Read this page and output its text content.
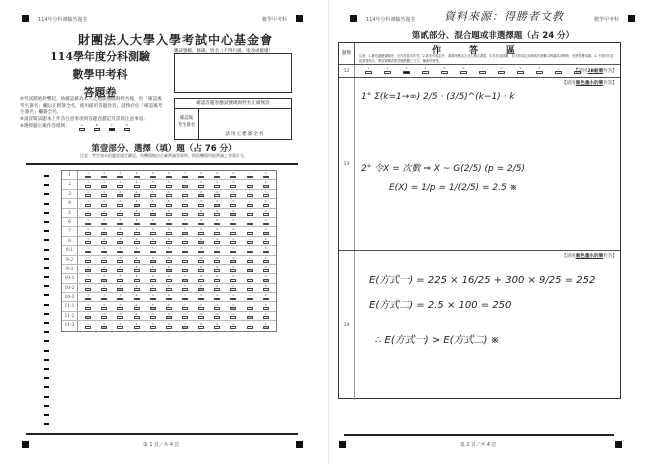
114年分科測驗答題卷	數學甲考科
財團法人大學入學考試中心基金會
114學年度分科測驗
數學甲考科
答題卷
應試號碼、條碼、姓名（不得污損、塗改或破壞）
※考試開始鈴響起，始確認確為本人之應試號碼與姓名後，於「確認後考生簽名」欄以正楷簽全名，使用備用答題卷者，請務必於「確認後考生簽名」欄簽全名。
※請詳閱試題本上作答注意事項與答題卷劃記及書寫注意事項。
※選擇題正確作答樣例：	A	B	C	D
確認答題卷應試號碼與姓名正確無誤
確認後
考生簽名
請用正楷簽全名
第壹部分、選擇（填）題（占 76 分）
注意：考生如未依題意規定劃記，致機器無法正確辨識答案時，則依機器所能辨識之答案計分。
1	1	2	3	4	5	6	7	8	9	0	−	±
2	1	2	3	4	5	6	7	8	9	0	−	±
3	1	2	3	4	5	6	7	8	9	0	−	±
4	1	2	3	4	5	6	7	8	9	0	−	±
5	1	2	3	4	5	6	7	8	9	0	−	±
6	1	2	3	4	5	6	7	8	9	0	−	±
7	1	2	3	4	5	6	7	8	9	0	−	±
8	1	2	3	4	5	6	7	8	9	0	−	±
9-1	1	2	3	4	5	6	7	8	9	0	−	±
9-2	1	2	3	4	5	6	7	8	9	0	−	±
9-3	1	2	3	4	5	6	7	8	9	0	−	±
10-1	1	2	3	4	5	6	7	8	9	0	−	±
10-2	1	2	3	4	5	6	7	8	9	0	−	±
10-3	1	2	3	4	5	6	7	8	9	0	−	±
11-1	1	2	3	4	5	6	7	8	9	0	−	±
11-2	1	2	3	4	5	6	7	8	9	0	−	±
11-3	1	2	3	4	5	6	7	8	9	0	−	±
第 1 頁／共 4 頁
114年分科測驗答題卷	資料來源：得勝者文教	數學甲考科
第貳部分、混合題或非選擇題（占 24 分）
題號	作答區
注意：1.應依據題號順序，於作答區內作答。2.除非有規定外，書寫時應由左至右橫式書寫。3.作答須清晰，若未依規定而導致答案難以辨識或評閱時，恐將影響成績。4.不得於作答區書寫姓名、應試號碼或與答題無關之文字、圖案符號等。
12
1	2	3	4	5	6	7	8	9	0	−	±
【請用2B鉛筆作答】
13
【請用黑色墨水的筆作答】
1° Σ(k=1→∞) 2/5 · (3/5)^(k−1) · k
2° 令X = 次數 ⇒ X ~ G(2/5) (p = 2/5)
E(X) = 1/p = 1/(2/5) = 2.5 ※
14
【請用黑色墨水的筆作答】
E(方式一) = 225 × 16/25 + 300 × 9/25 = 252
E(方式二) = 2.5 × 100 = 250
∴ E(方式一) > E(方式二) ※
第 2 頁／共 4 頁
